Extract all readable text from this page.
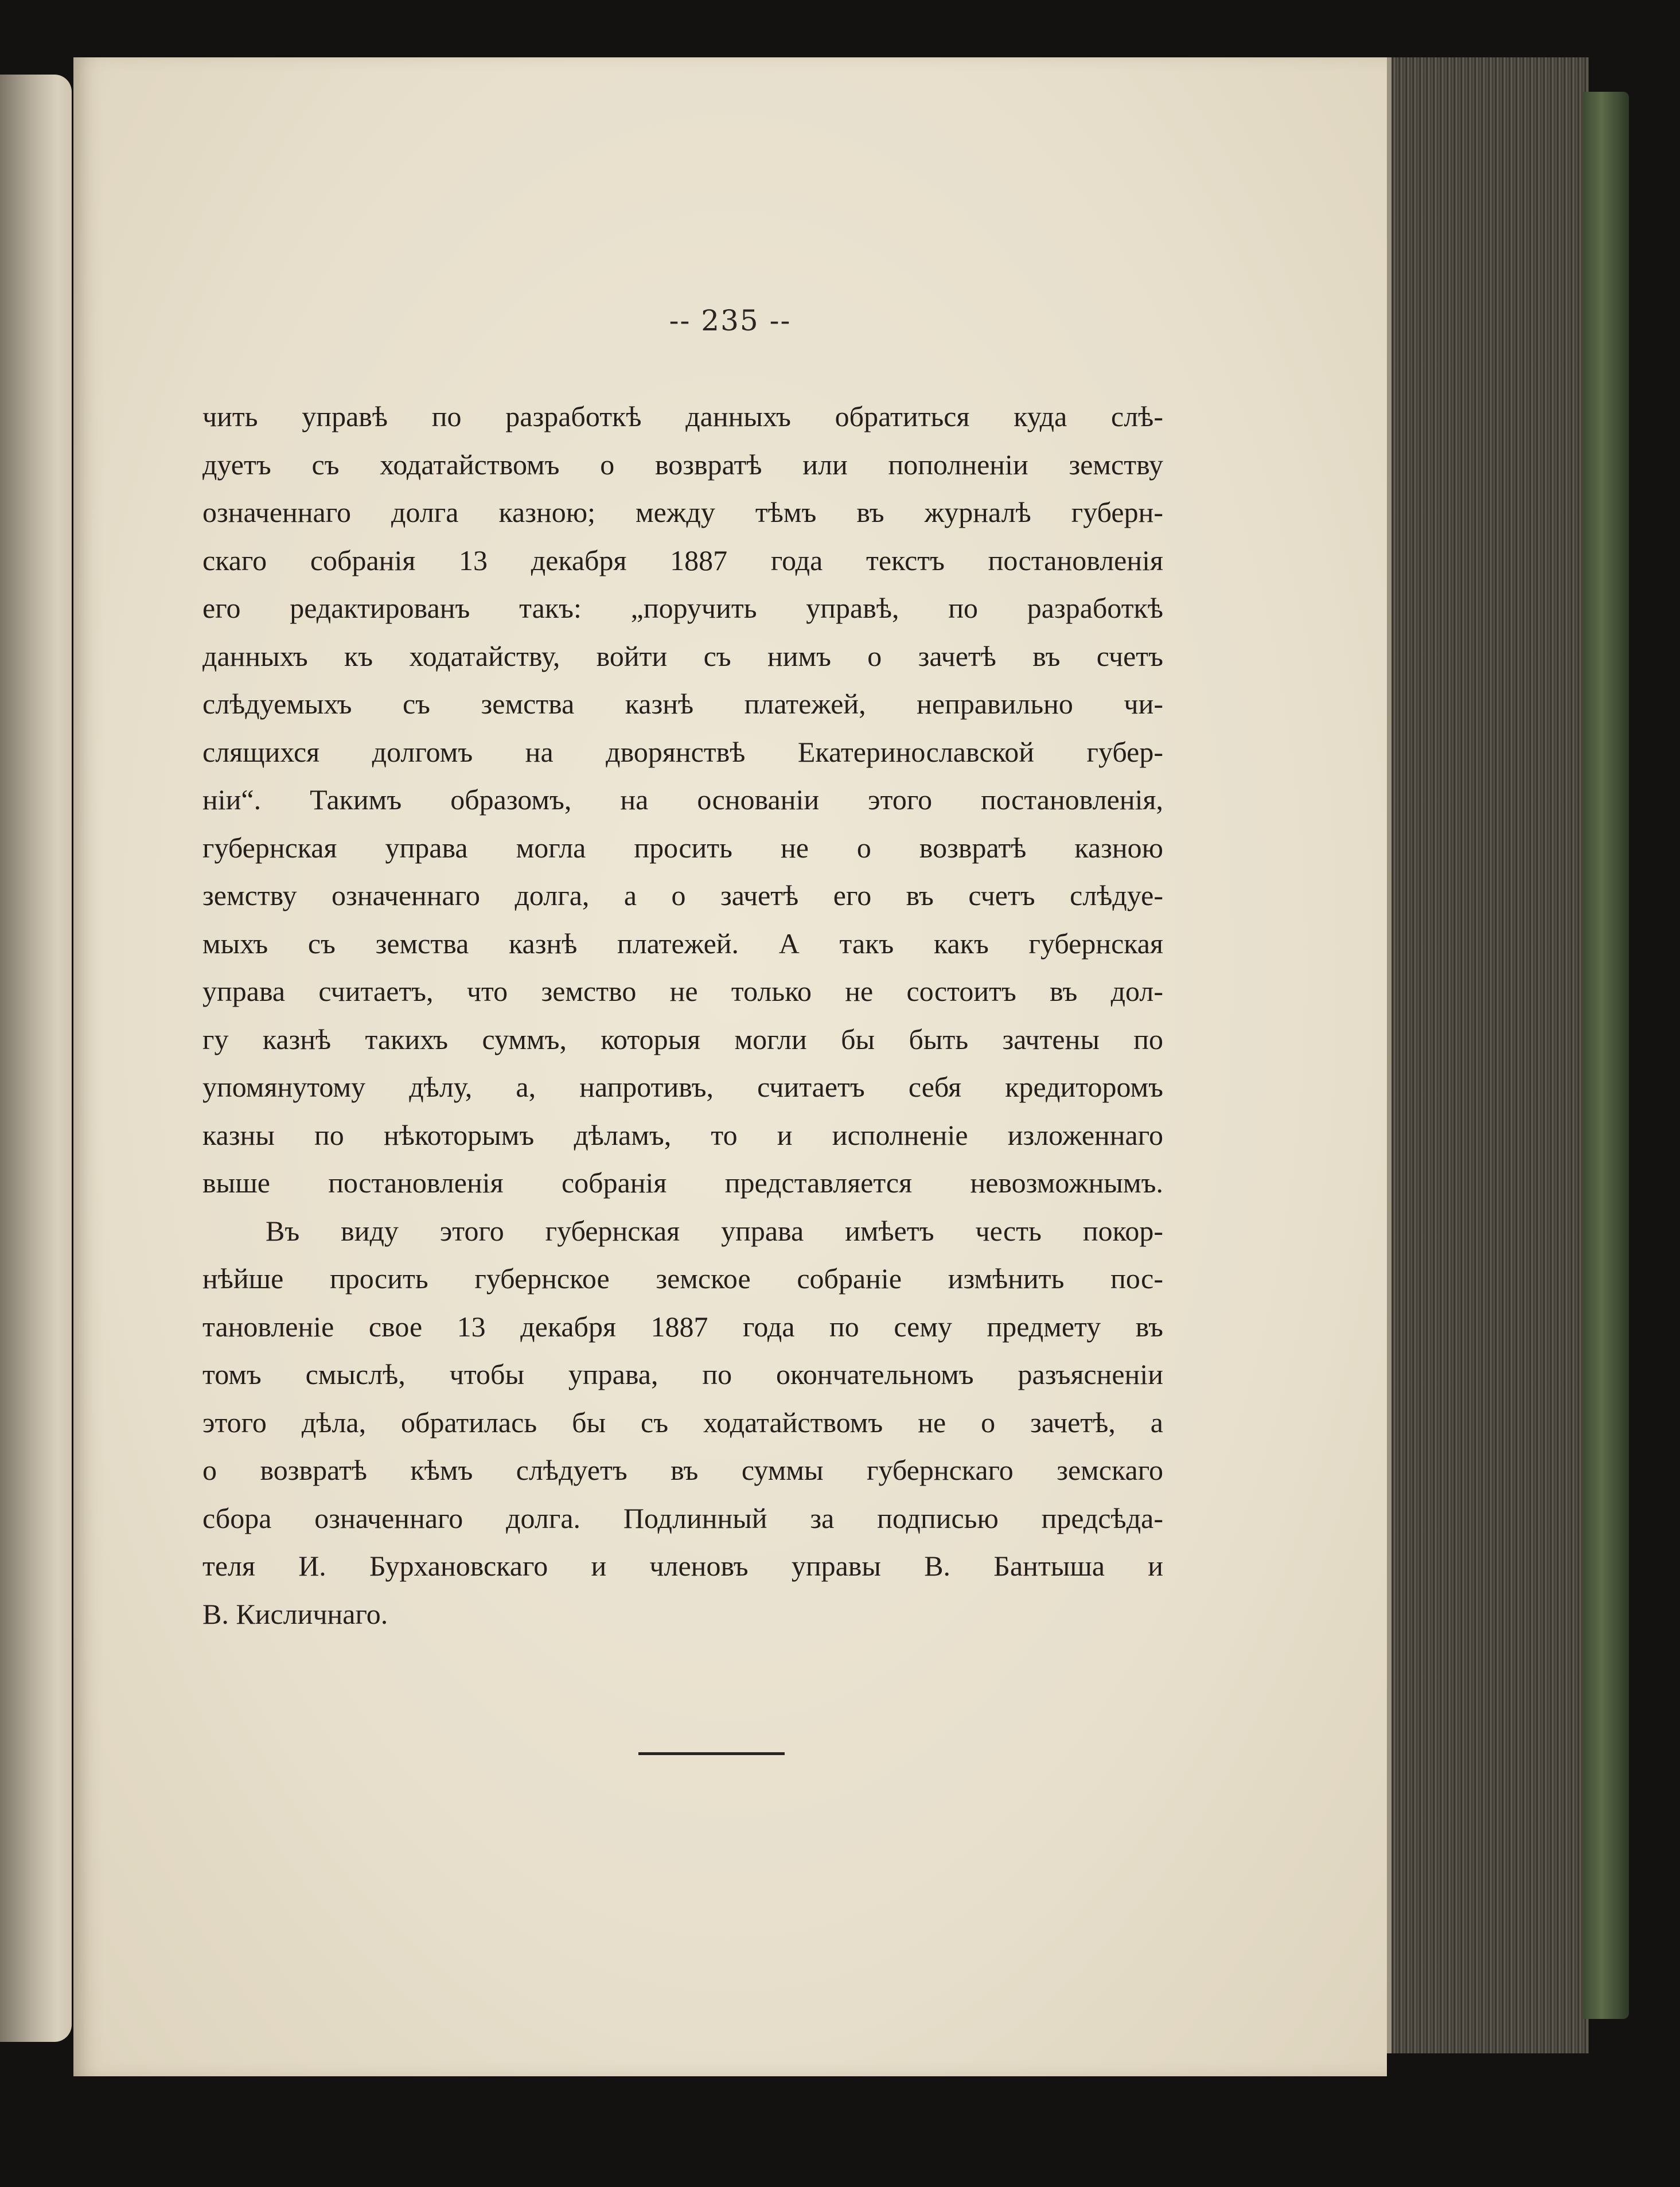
-- 235 --
чить управѣ по разработкѣ данныхъ обратиться куда слѣ-
дуетъ съ ходатайствомъ о возвратѣ или пополненіи земству
означеннаго долга казною; между тѣмъ въ журналѣ губерн-
скаго собранія 13 декабря 1887 года текстъ постановленія
его редактированъ такъ: „поручить управѣ, по разработкѣ
данныхъ къ ходатайству, войти съ нимъ о зачетѣ въ счетъ
слѣдуемыхъ съ земства казнѣ платежей, неправильно чи-
слящихся долгомъ на дворянствѣ Екатеринославской губер-
ніи“. Такимъ образомъ, на основаніи этого постановленія,
губернская управа могла просить не о возвратѣ казною
земству означеннаго долга, а о зачетѣ его въ счетъ слѣдуе-
мыхъ съ земства казнѣ платежей. А такъ какъ губернская
управа считаетъ, что земство не только не состоитъ въ дол-
гу казнѣ такихъ суммъ, которыя могли бы быть зачтены по
упомянутому дѣлу, а, напротивъ, считаетъ себя кредиторомъ
казны по нѣкоторымъ дѣламъ, то и исполненіе изложеннаго
выше постановленія собранія представляется невозможнымъ.
Въ виду этого губернская управа имѣетъ честь покор-
нѣйше просить губернское земское собраніе измѣнить пос-
тановленіе свое 13 декабря 1887 года по сему предмету въ
томъ смыслѣ, чтобы управа, по окончательномъ разъясненіи
этого дѣла, обратилась бы съ ходатайствомъ не о зачетѣ, а
о возвратѣ кѣмъ слѣдуетъ въ суммы губернскаго земскаго
сбора означеннаго долга. Подлинный за подписью предсѣда-
теля И. Бурхановскаго и членовъ управы В. Бантыша и
В. Кисличнаго.
